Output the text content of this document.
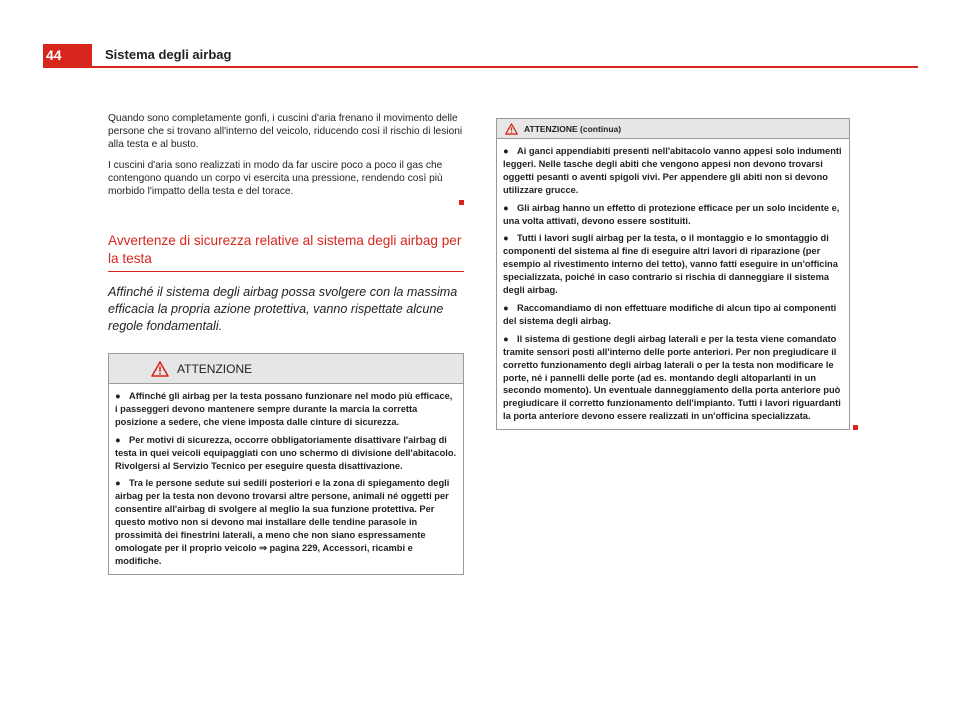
44	Sistema degli airbag

Quando sono completamente gonfi, i cuscini d'aria frenano il movimento delle persone che si trovano all'interno del veicolo, riducendo così il rischio di lesioni alla testa e al busto.

I cuscini d'aria sono realizzati in modo da far uscire poco a poco il gas che contengono quando un corpo vi esercita una pressione, rendendo così più morbido l'impatto della testa e del torace.

Avvertenze di sicurezza relative al sistema degli airbag per la testa

Affinché il sistema degli airbag possa svolgere con la massima efficacia la propria azione protettiva, vanno rispettate alcune regole fondamentali.

ATTENZIONE

● Affinché gli airbag per la testa possano funzionare nel modo più efficace, i passeggeri devono mantenere sempre durante la marcia la corretta posizione a sedere, che viene imposta dalle cinture di sicurezza.

● Per motivi di sicurezza, occorre obbligatoriamente disattivare l'airbag di testa in quei veicoli equipaggiati con uno schermo di divisione dell'abitacolo. Rivolgersi al Servizio Tecnico per eseguire questa disattivazione.

● Tra le persone sedute sui sedili posteriori e la zona di spiegamento degli airbag per la testa non devono trovarsi altre persone, animali né oggetti per consentire all'airbag di svolgere al meglio la sua funzione protettiva. Per questo motivo non si devono mai installare delle tendine parasole in prossimità dei finestrini laterali, a meno che non siano espressamente omologate per il proprio veicolo ⇒ pagina 229, Accessori, ricambi e modifiche.

ATTENZIONE (continua)

● Ai ganci appendiabiti presenti nell'abitacolo vanno appesi solo indumenti leggeri. Nelle tasche degli abiti che vengono appesi non devono trovarsi oggetti pesanti o aventi spigoli vivi. Per appendere gli abiti non si devono utilizzare grucce.

● Gli airbag hanno un effetto di protezione efficace per un solo incidente e, una volta attivati, devono essere sostituiti.

● Tutti i lavori sugli airbag per la testa, o il montaggio e lo smontaggio di componenti del sistema al fine di eseguire altri lavori di riparazione (per esempio al rivestimento interno del tetto), vanno fatti eseguire in un'officina specializzata, poiché in caso contrario si rischia di danneggiare il sistema degli airbag.

● Raccomandiamo di non effettuare modifiche di alcun tipo ai componenti del sistema degli airbag.

● Il sistema di gestione degli airbag laterali e per la testa viene comandato tramite sensori posti all'interno delle porte anteriori. Per non pregiudicare il corretto funzionamento degli airbag laterali o per la testa non modificare le porte, né i pannelli delle porte (ad es. montando degli altoparlanti in un secondo momento). Un eventuale danneggiamento della porta anteriore può pregiudicare il corretto funzionamento dell'impianto. Tutti i lavori riguardanti la porta anteriore devono essere realizzati in un'officina specializzata.
